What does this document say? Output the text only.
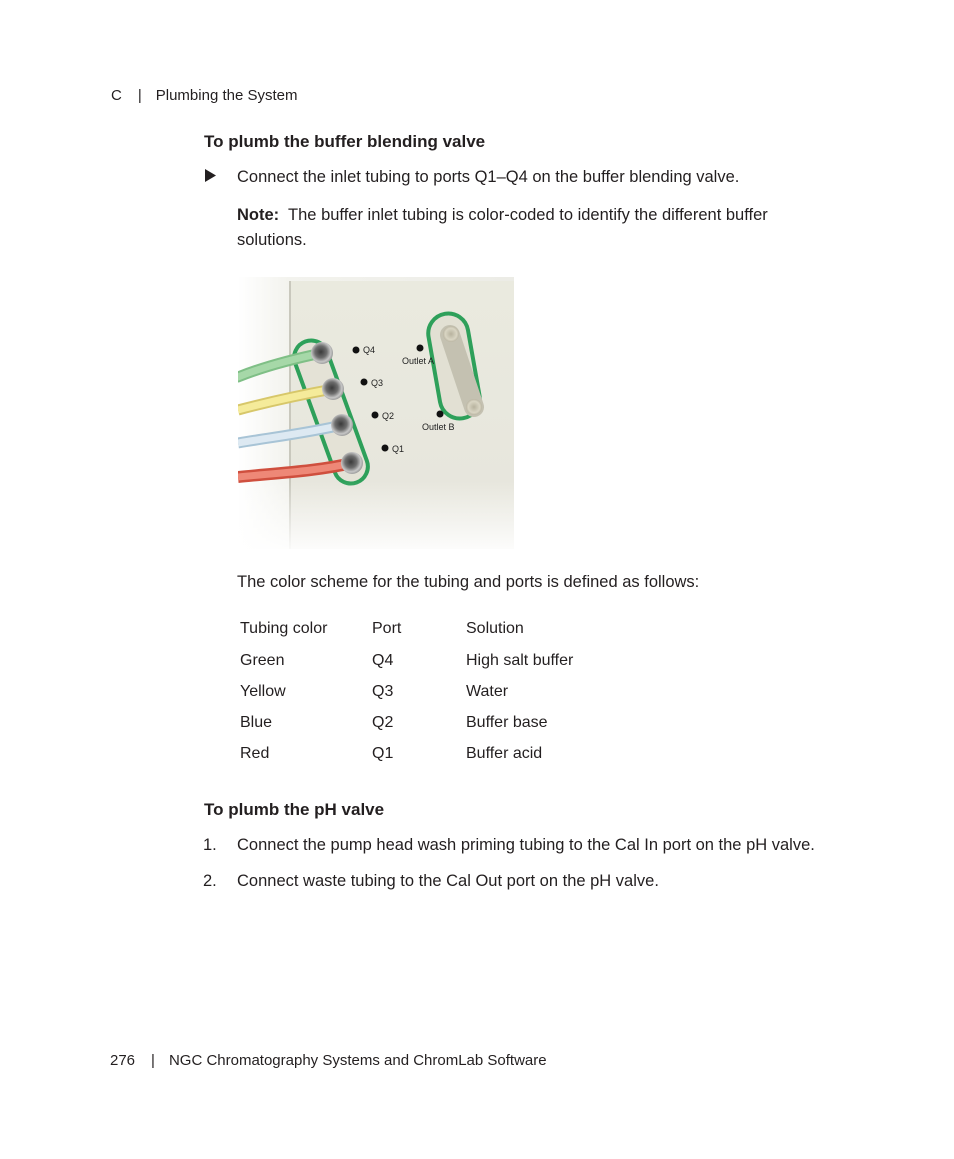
C | Plumbing the System
To plumb the buffer blending valve
Connect the inlet tubing to ports Q1–Q4 on the buffer blending valve.
Note: The buffer inlet tubing is color-coded to identify the different buffer solutions.
The color scheme for the tubing and ports is defined as follows:
Tubing color	Port	Solution
Green	Q4	High salt buffer
Yellow	Q3	Water
Blue	Q2	Buffer base
Red	Q1	Buffer acid
To plumb the pH valve
1. Connect the pump head wash priming tubing to the Cal In port on the pH valve.
2. Connect waste tubing to the Cal Out port on the pH valve.
276 | NGC Chromatography Systems and ChromLab Software
